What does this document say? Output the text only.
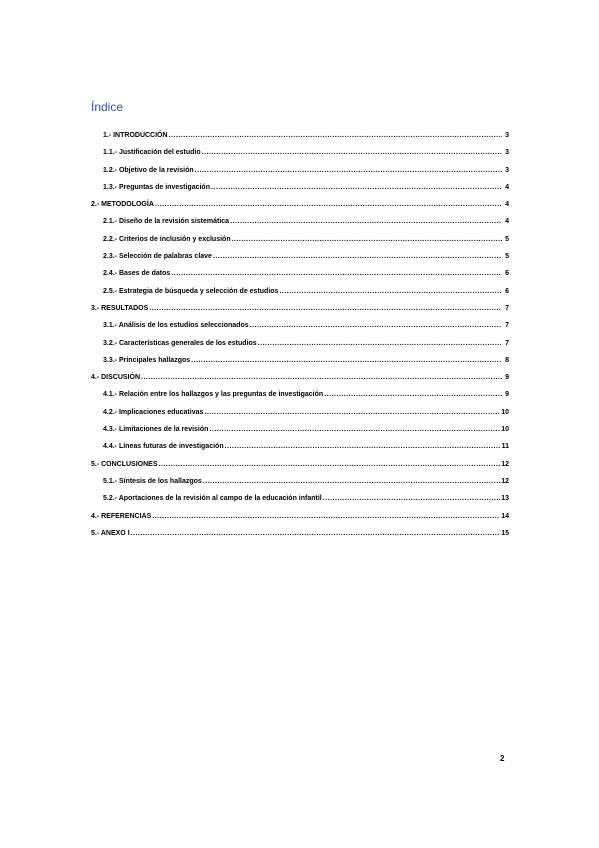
Índice
1.- INTRODUCCIÓN .....	3
1.1.- Justificación del estudio .....	3
1.2.- Objetivo de la revisión .....	3
1.3.- Preguntas de investigación .....	4
2.- METODOLOGÍA .....	4
2.1.- Diseño de la revisión sistemática .....	4
2.2.- Criterios de inclusión y exclusión .....	5
2.3.- Selección de palabras clave .....	5
2.4.- Bases de datos .....	6
2.5.- Estrategia de búsqueda y selección de estudios .....	6
3.- RESULTADOS .....	7
3.1.- Análisis de los estudios seleccionados .....	7
3.2.- Características generales de los estudios .....	7
3.3.- Principales hallazgos .....	8
4.- DISCUSIÓN .....	9
4.1.- Relación entre los hallazgos y las preguntas de investigación .....	9
4.2.- Implicaciones educativas .....	10
4.3.- Limitaciones de la revisión .....	10
4.4.- Líneas futuras de investigación .....	11
5.- CONCLUSIONES .....	12
5.1.- Síntesis de los hallazgos .....	12
5.2.- Aportaciones de la revisión al campo de la educación infantil .....	13
4.- REFERENCIAS .....	14
5.- ANEXO I .....	15
2
